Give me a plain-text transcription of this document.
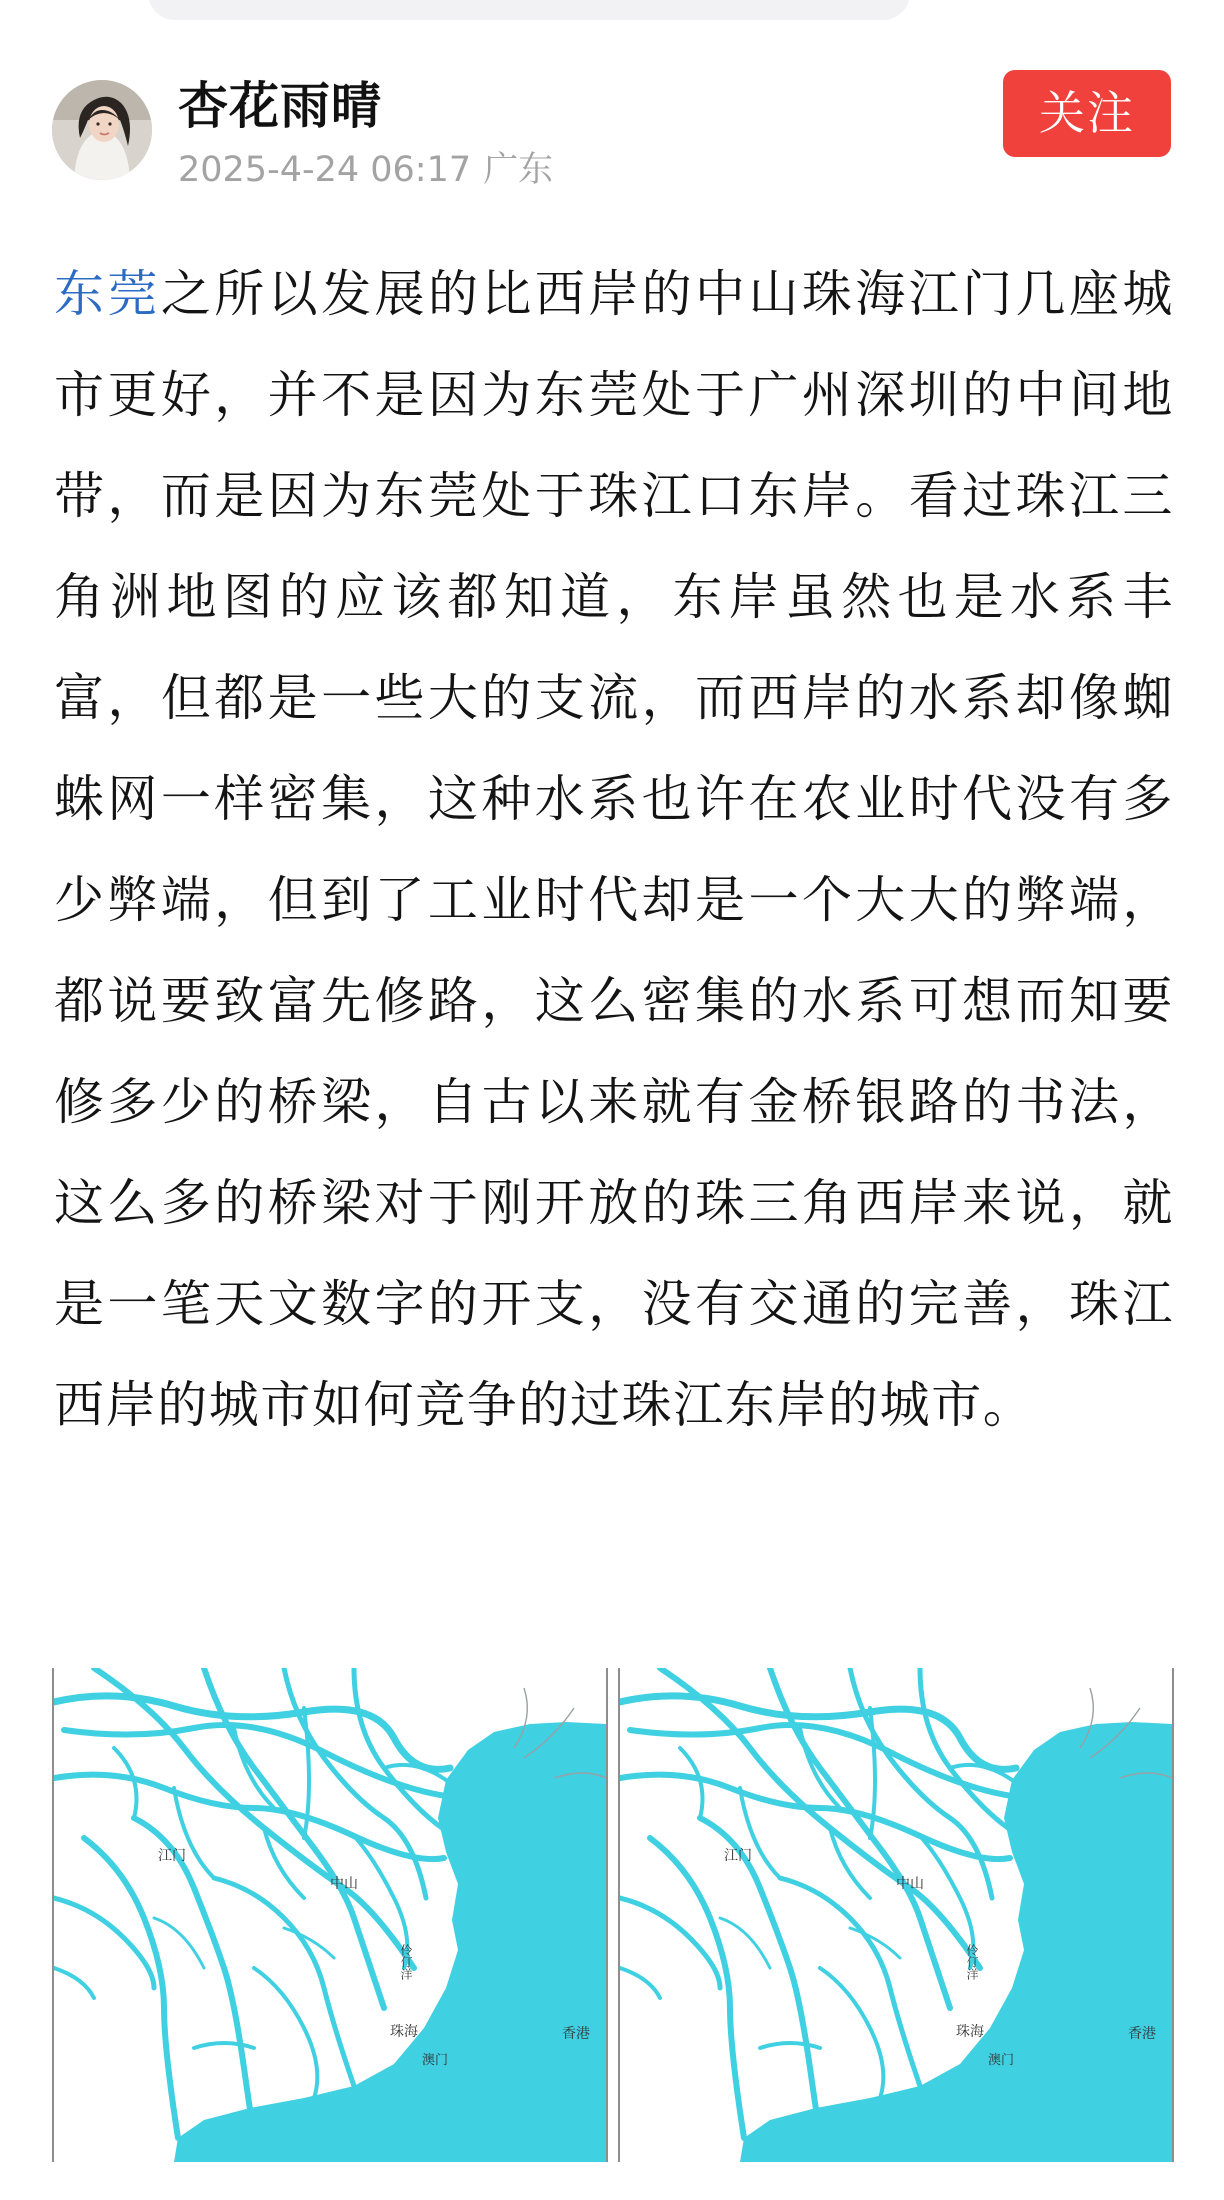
杏花雨晴
2025-4-24 06:17 广东
关注

东莞之所以发展的比西岸的中山珠海江门几座城市更好，并不是因为东莞处于广州深圳的中间地带，而是因为东莞处于珠江口东岸。看过珠江三角洲地图的应该都知道，东岸虽然也是水系丰富，但都是一些大的支流，而西岸的水系却像蜘蛛网一样密集，这种水系也许在农业时代没有多少弊端，但到了工业时代却是一个大大的弊端，都说要致富先修路，这么密集的水系可想而知要修多少的桥梁，自古以来就有金桥银路的书法，这么多的桥梁对于刚开放的珠三角西岸来说，就是一笔天文数字的开支，没有交通的完善，珠江西岸的城市如何竞争的过珠江东岸的城市。

江门
中山
伶仃洋
珠海
澳门
香港
江门
中山
伶仃洋
珠海
澳门
香港
